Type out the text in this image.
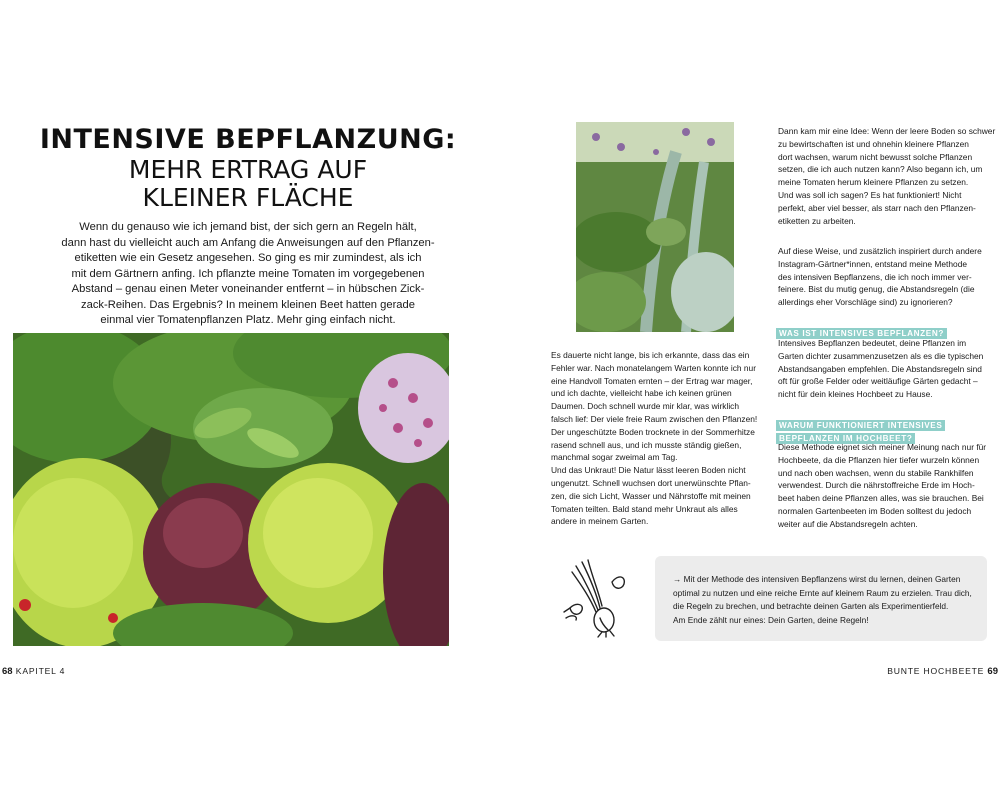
INTENSIVE BEPFLANZUNG:
MEHR ERTRAG AUF
KLEINER FLÄCHE

Wenn du genauso wie ich jemand bist, der sich gern an Regeln hält,
dann hast du vielleicht auch am Anfang die Anweisungen auf den Pflanzen-
etiketten wie ein Gesetz angesehen. So ging es mir zumindest, als ich
mit dem Gärtnern anfing. Ich pflanzte meine Tomaten im vorgegebenen
Abstand – genau einen Meter voneinander entfernt – in hübschen Zick-
zack-Reihen. Das Ergebnis? In meinem kleinen Beet hatten gerade
einmal vier Tomatenpflanzen Platz. Mehr ging einfach nicht.

68 KAPITEL 4

Es dauerte nicht lange, bis ich erkannte, dass das ein
Fehler war. Nach monatelangem Warten konnte ich nur
eine Handvoll Tomaten ernten – der Ertrag war mager,
und ich dachte, vielleicht habe ich keinen grünen
Daumen. Doch schnell wurde mir klar, was wirklich
falsch lief: Der viele freie Raum zwischen den Pflanzen!
Der ungeschützte Boden trocknete in der Sommerhitze
rasend schnell aus, und ich musste ständig gießen,
manchmal sogar zweimal am Tag.
Und das Unkraut! Die Natur lässt leeren Boden nicht
ungenutzt. Schnell wuchsen dort unerwünschte Pflan-
zen, die sich Licht, Wasser und Nährstoffe mit meinen
Tomaten teilten. Bald stand mehr Unkraut als alles
andere in meinem Garten.

Dann kam mir eine Idee: Wenn der leere Boden so schwer
zu bewirtschaften ist und ohnehin kleinere Pflanzen
dort wachsen, warum nicht bewusst solche Pflanzen
setzen, die ich auch nutzen kann? Also begann ich, um
meine Tomaten herum kleinere Pflanzen zu setzen.
Und was soll ich sagen? Es hat funktioniert! Nicht
perfekt, aber viel besser, als starr nach den Pflanzen-
etiketten zu arbeiten.

Auf diese Weise, und zusätzlich inspiriert durch andere
Instagram-Gärtner*innen, entstand meine Methode
des intensiven Bepflanzens, die ich noch immer ver-
feinere. Bist du mutig genug, die Abstandsregeln (die
allerdings eher Vorschläge sind) zu ignorieren?

WAS IST INTENSIVES BEPFLANZEN?

Intensives Bepflanzen bedeutet, deine Pflanzen im
Garten dichter zusammenzusetzen als es die typischen
Abstandsangaben empfehlen. Die Abstandsregeln sind
oft für große Felder oder weitläufige Gärten gedacht –
nicht für dein kleines Hochbeet zu Hause.

WARUM FUNKTIONIERT INTENSIVES
BEPFLANZEN IM HOCHBEET?

Diese Methode eignet sich meiner Meinung nach nur für
Hochbeete, da die Pflanzen hier tiefer wurzeln können
und nach oben wachsen, wenn du stabile Rankhilfen
verwendest. Durch die nährstoffreiche Erde im Hoch-
beet haben deine Pflanzen alles, was sie brauchen. Bei
normalen Gartenbeeten im Boden solltest du jedoch
weiter auf die Abstandsregeln achten.

→ Mit der Methode des intensiven Bepflanzens wirst du lernen, deinen Garten
optimal zu nutzen und eine reiche Ernte auf kleinem Raum zu erzielen. Trau dich,
die Regeln zu brechen, und betrachte deinen Garten als Experimentierfeld.
Am Ende zählt nur eines: Dein Garten, deine Regeln!

BUNTE HOCHBEETE 69
